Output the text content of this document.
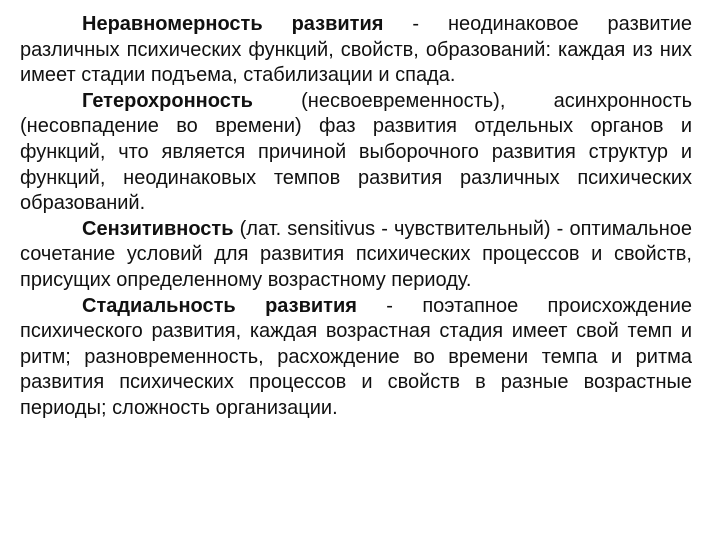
Неравномерность развития - неодинаковое развитие различных психических функций, свойств, образований: каждая из них имеет стадии подъема, стабилизации и спада.

Гетерохронность (несвоевременность), асинхронность (несовпадение во времени) фаз развития отдельных органов и функций, что является причиной выборочного развития структур и функций, неодинаковых темпов развития различных психических образований.

Сензитивность (лат. sensitivus - чувствительный) - оптимальное сочетание условий для развития психических процессов и свойств, присущих определенному возрастному периоду.

Стадиальность развития - поэтапное происхождение психического развития, каждая возрастная стадия имеет свой темп и ритм; разновременность, расхождение во времени темпа и ритма развития психических процессов и свойств в разные возрастные периоды; сложность организации.
